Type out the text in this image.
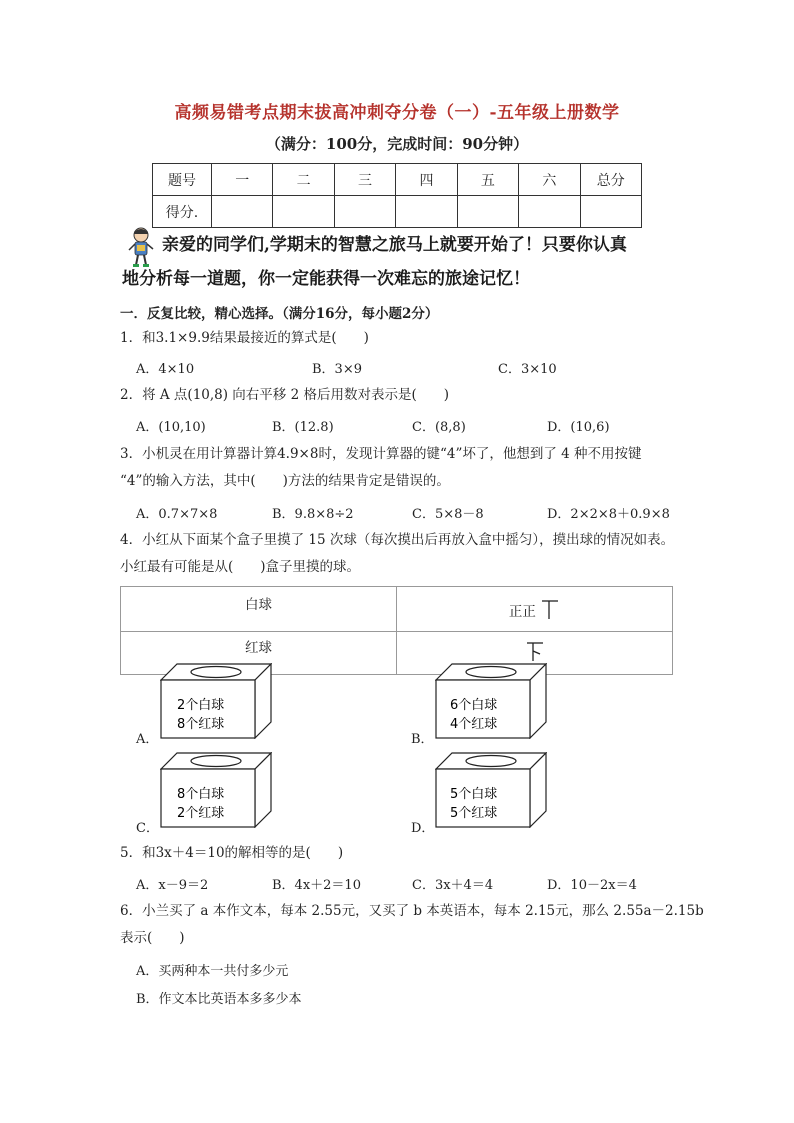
高频易错考点期末拔高冲刺夺分卷（一）-五年级上册数学
（满分：100分，完成时间：90分钟）
题号	一	二	三	四	五	六	总分
得分.							
亲爱的同学们,学期末的智慧之旅马上就要开始了！只要你认真
地分析每一道题，你一定能获得一次难忘的旅途记忆！
一．反复比较，精心选择。（满分16分，每小题2分）
1．和3.1×9.9结果最接近的算式是(　　)
A．4×10	B．3×9	C．3×10
2．将 A 点(10,8) 向右平移 2 格后用数对表示是(　　)
A．(10,10)	B．(12.8)	C．(8,8)	D．(10,6)
3．小机灵在用计算器计算4.9×8时，发现计算器的键“4”坏了，他想到了 4 种不用按键
“4”的输入方法，其中(　　)方法的结果肯定是错误的。
A．0.7×7×8	B．9.8×8÷2	C．5×8－8	D．2×2×8＋0.9×8
4．小红从下面某个盒子里摸了 15 次球（每次摸出后再放入盒中摇匀），摸出球的情况如表。
小红最有可能是从(　　)盒子里摸的球。
白球	正正
红球	
A．
2个白球
8个红球
B．
6个白球
4个红球
C．
8个白球
2个红球
D．
5个白球
5个红球
5．和3x＋4＝10的解相等的是(　　)
A．x－9＝2	B．4x＋2＝10	C．3x＋4＝4	D．10－2x＝4
6．小兰买了 a 本作文本，每本 2.55元，又买了 b 本英语本，每本 2.15元，那么 2.55a－2.15b
表示(　　)
A．买两种本一共付多少元
B．作文本比英语本多多少本
